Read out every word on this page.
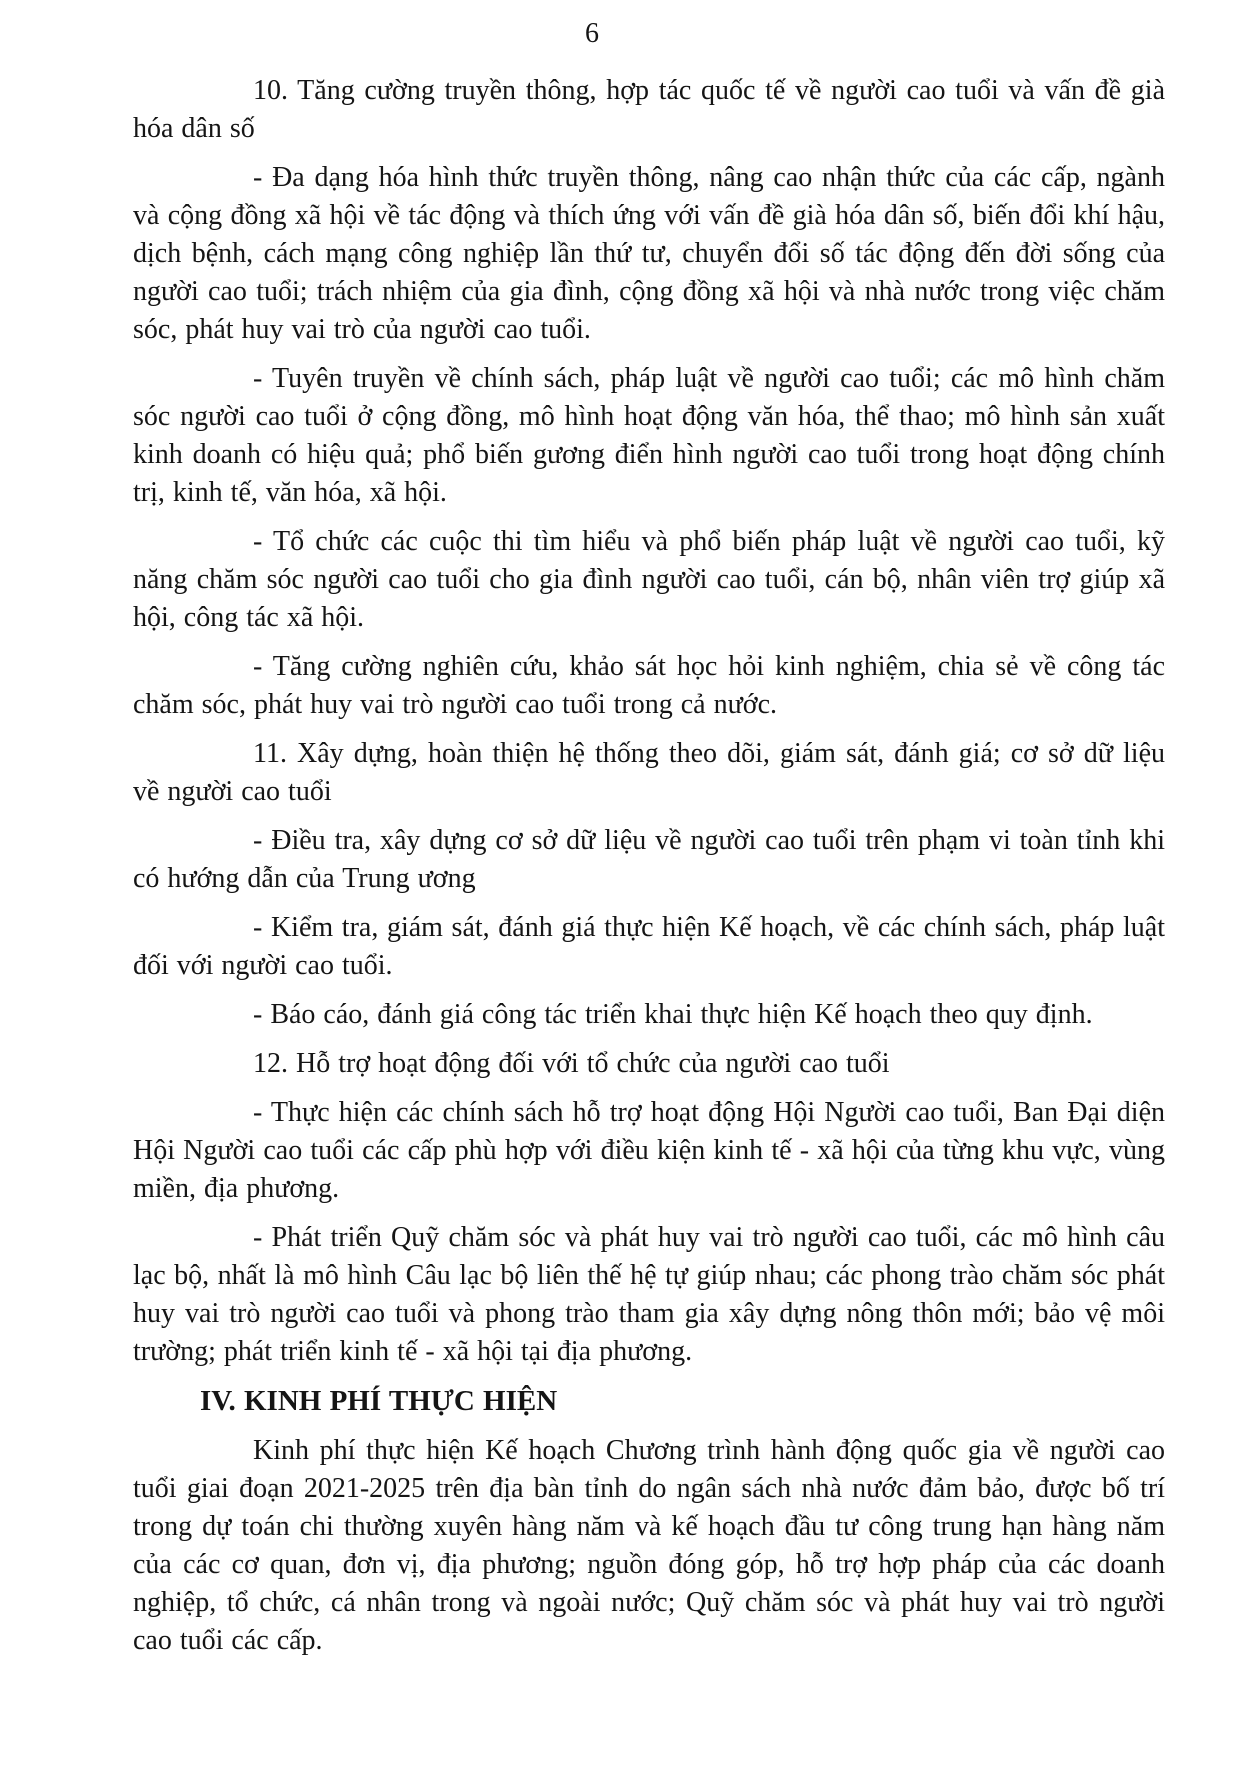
6

10. Tăng cường truyền thông, hợp tác quốc tế về người cao tuổi và vấn đề già hóa dân số

- Đa dạng hóa hình thức truyền thông, nâng cao nhận thức của các cấp, ngành và cộng đồng xã hội về tác động và thích ứng với vấn đề già hóa dân số, biến đổi khí hậu, dịch bệnh, cách mạng công nghiệp lần thứ tư, chuyển đổi số tác động đến đời sống của người cao tuổi; trách nhiệm của gia đình, cộng đồng xã hội và nhà nước trong việc chăm sóc, phát huy vai trò của người cao tuổi.

- Tuyên truyền về chính sách, pháp luật về người cao tuổi; các mô hình chăm sóc người cao tuổi ở cộng đồng, mô hình hoạt động văn hóa, thể thao; mô hình sản xuất kinh doanh có hiệu quả; phổ biến gương điển hình người cao tuổi trong hoạt động chính trị, kinh tế, văn hóa, xã hội.

- Tổ chức các cuộc thi tìm hiểu và phổ biến pháp luật về người cao tuổi, kỹ năng chăm sóc người cao tuổi cho gia đình người cao tuổi, cán bộ, nhân viên trợ giúp xã hội, công tác xã hội.

- Tăng cường nghiên cứu, khảo sát học hỏi kinh nghiệm, chia sẻ về công tác chăm sóc, phát huy vai trò người cao tuổi trong cả nước.

11. Xây dựng, hoàn thiện hệ thống theo dõi, giám sát, đánh giá; cơ sở dữ liệu về người cao tuổi

- Điều tra, xây dựng cơ sở dữ liệu về người cao tuổi trên phạm vi toàn tỉnh khi có hướng dẫn của Trung ương

- Kiểm tra, giám sát, đánh giá thực hiện Kế hoạch, về các chính sách, pháp luật đối với người cao tuổi.

- Báo cáo, đánh giá công tác triển khai thực hiện Kế hoạch theo quy định.

12. Hỗ trợ hoạt động đối với tổ chức của người cao tuổi

- Thực hiện các chính sách hỗ trợ hoạt động Hội Người cao tuổi, Ban Đại diện Hội Người cao tuổi các cấp phù hợp với điều kiện kinh tế - xã hội của từng khu vực, vùng miền, địa phương.

- Phát triển Quỹ chăm sóc và phát huy vai trò người cao tuổi, các mô hình câu lạc bộ, nhất là mô hình Câu lạc bộ liên thế hệ tự giúp nhau; các phong trào chăm sóc phát huy vai trò người cao tuổi và phong trào tham gia xây dựng nông thôn mới; bảo vệ môi trường; phát triển kinh tế - xã hội tại địa phương.

IV. KINH PHÍ THỰC HIỆN

Kinh phí thực hiện Kế hoạch Chương trình hành động quốc gia về người cao tuổi giai đoạn 2021-2025 trên địa bàn tỉnh do ngân sách nhà nước đảm bảo, được bố trí trong dự toán chi thường xuyên hàng năm và kế hoạch đầu tư công trung hạn hàng năm của các cơ quan, đơn vị, địa phương; nguồn đóng góp, hỗ trợ hợp pháp của các doanh nghiệp, tổ chức, cá nhân trong và ngoài nước; Quỹ chăm sóc và phát huy vai trò người cao tuổi các cấp.
